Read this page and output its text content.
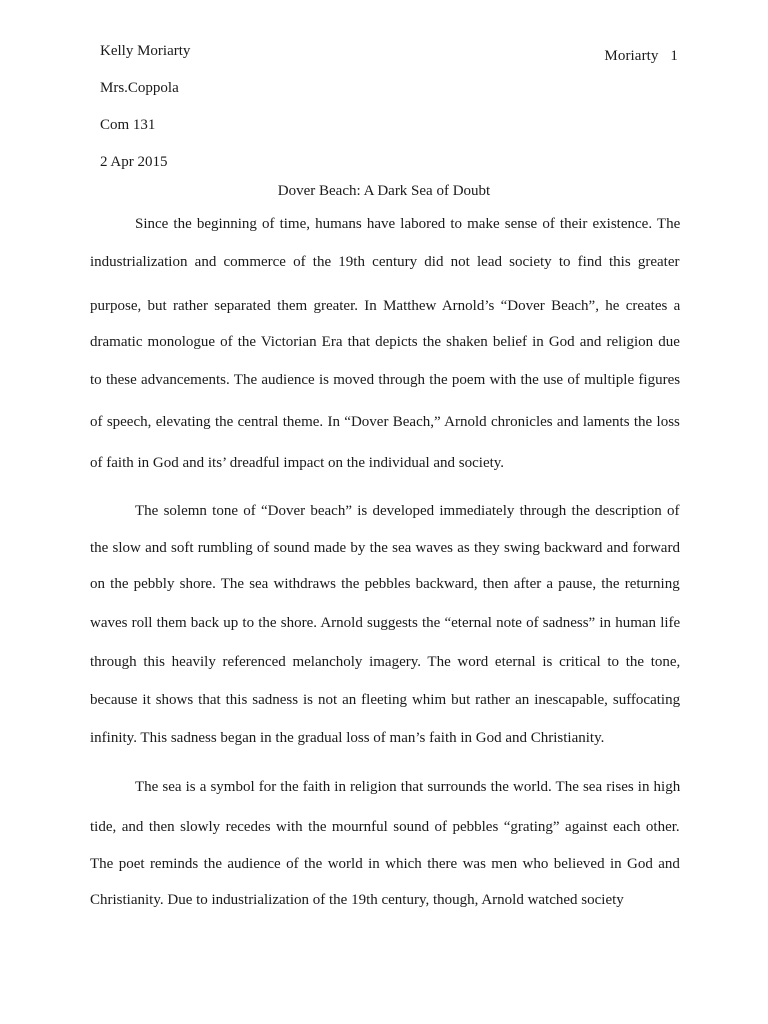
Moriarty 1
Kelly Moriarty
Mrs.Coppola
Com 131
2 Apr 2015
Dover Beach: A Dark Sea of Doubt
Since the beginning of time, humans have labored to make sense of their existence. The
industrialization and commerce of the 19th century did not lead society to find this greater
purpose, but rather separated them greater. In Matthew Arnold’s “Dover Beach”, he creates a
dramatic monologue of the Victorian Era that depicts the shaken belief in God and religion due
to these advancements. The audience is moved through the poem with the use of multiple figures
of speech, elevating the central theme. In “Dover Beach,” Arnold chronicles and laments the loss
of faith in God and its’ dreadful impact on the individual and society.
The solemn tone of “Dover beach” is developed immediately through the description of
the slow and soft rumbling of sound made by the sea waves as they swing backward and forward
on the pebbly shore. The sea withdraws the pebbles backward, then after a pause, the returning
waves roll them back up to the shore. Arnold suggests the “eternal note of sadness” in human life
through this heavily referenced melancholy imagery. The word eternal is critical to the tone,
because it shows that this sadness is not an fleeting whim but rather an inescapable, suffocating
infinity. This sadness began in the gradual loss of man’s faith in God and Christianity.
The sea is a symbol for the faith in religion that surrounds the world. The sea rises in high
tide, and then slowly recedes with the mournful sound of pebbles “grating” against each other.
The poet reminds the audience of the world in which there was men who believed in God and
Christianity. Due to industrialization of the 19th century, though, Arnold watched society
